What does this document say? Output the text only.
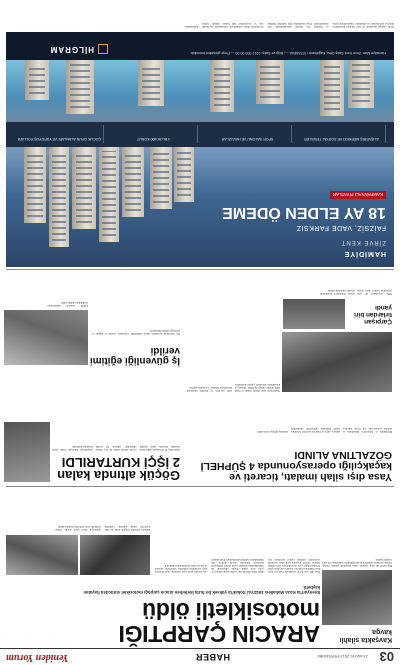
03
23 MAYIS 2019 PERŞEMBE
HABER
Yeniden Yorum
ARACIN ÇARPTIĞI motosikletli öldü
Esenyurt'ta Koza Mahallesi 1642'nci Sokak'ta yüksek bir hızla ilerlerken aracın çarptığı motosiklet sürücüsü hayatını kaybetti.
Olay dün saat 02.30 sıralarında Esenyurt ilçesi Koza Mahallesi 1642'nci Sokak'ta meydana geldi. Edinilen bilgiye göre, motosikletiyle seyir halinde bulunan sürücü, kavşakta kontrolünü kaybeden otomobilin çarpması sonucu savrularak yere düştü. İhbar üzerine olay yerine sağlık ekipleri ve polis sevk edildi. Sağlık ekiplerinin ilk müdahalesinin ardından yaralı sürücü ambulansla hastaneye kaldırıldı. Ancak sürücü, tüm müdahalelere rağmen kurtarılamadı. Polis ekipleri olay yerinde geniş çaplı inceleme yaptı. Kazayla ilgili soruşturma başlatıldı. Sürücünün cenazesi otopsi için Adli Tıp Kurumu'na kaldırıldı.
Kazanın ardından bölgede trafik bir süre kontrollü olarak sağlandı. Çekicinin gelmesiyle hasar gören araçlar yoldan kaldırıldı. Araç sürücüsü gözaltına alındı.
Kavşakta silahlı kavga
Bağcılar'da iki grup arasında çıkan tartışmada silahlar çekildi. Olayda yaralanan olmazken kaçan şüphelileri yakalamak için polis çalışma başlattı.
Göçük altında kalan 2 İŞÇİ KURTARILDI
Arnavutköy'de bir inşaatın temel kazısı sırasında meydana gelen göçükte toprak altında kalan iki işçi, itfaiye ekiplerinin yaklaşık bir saatlik çalışmasıyla kurtarıldı. Yaralı işçiler hastaneye kaldırıldı.
İş güvenliği eğitimi verildi
İlçe belediyesi tarafından inşaat sektöründe çalışanlara yönelik iş sağlığı ve güvenliği eğitimi düzenlendi.
Eğitim sonunda katılımcılara sertifikaları takdim edildi.
Yasa dışı silah imalatı, ticareti ve kaçakçılığı operasyonunda 4 ŞÜPHELİ GÖZALTINA ALINDI
Beylikdüzü ve Esenyurt'ta düzenlenen eş zamanlı operasyonda çok sayıda ruhsatsız tabanca, şarjör ve fişek ele geçirildi. Gözaltına alınan şüpheliler emniyetteki işlemlerinin ardından adliyeye sevk edildi.
Şüphelilerin uzun süredir teknik ve fiziki takip altında olduğu öğrenildi. Operasyon kapsamında adreslerde yapılan aramalarda silah parçaları ve imalatta kullanılan malzemeler bulundu. Soruşturma sürüyor.
Çarpışan tırlardan biri yandı
TEM otoyolunda iki tırın çarpışması sonucu çıkan yangın itfaiye ekiplerince söndürüldü. Kazada yaralanan olmadı.
HAMİDİYE
ZİRVE KENT
FAİZSİZ, VADE FARKSIZ
18 AY ELDEN ÖDEME
KAMPANYALI FİYATLAR
ALIŞVERİŞ MERKEZİ VE SOSYAL TESİSLER
SPOR SALONU VE HAVUZLAR
4 BLOK 600 KONUT
ÇOCUK OYUN ALANLARI VE YÜRÜYÜŞ YOLLARI
Hamidiye Mah. Zirve Kent Satış Ofisi, Kağıthane / İSTANBUL — Bilgi ve Satış: 0212 000 00 00 — Proje görselleri temsilidir.
HİLGRAM
İlçede yaşanan gelişmeler ve yerel haberler gazetemizin ilerleyen sayfalarında yer almaktadır. Okurlarımızın görüş ve önerileri için iletişim adreslerimizden bize ulaşabilirsiniz. Yayın kurulumuz tüm haberleri titizlikle inceleyerek sizlere sunmaktadır. Gazetemizde yayınlanan yazı ve fotoğrafların tüm hakları saklıdır; izinsiz kullanılamaz.
